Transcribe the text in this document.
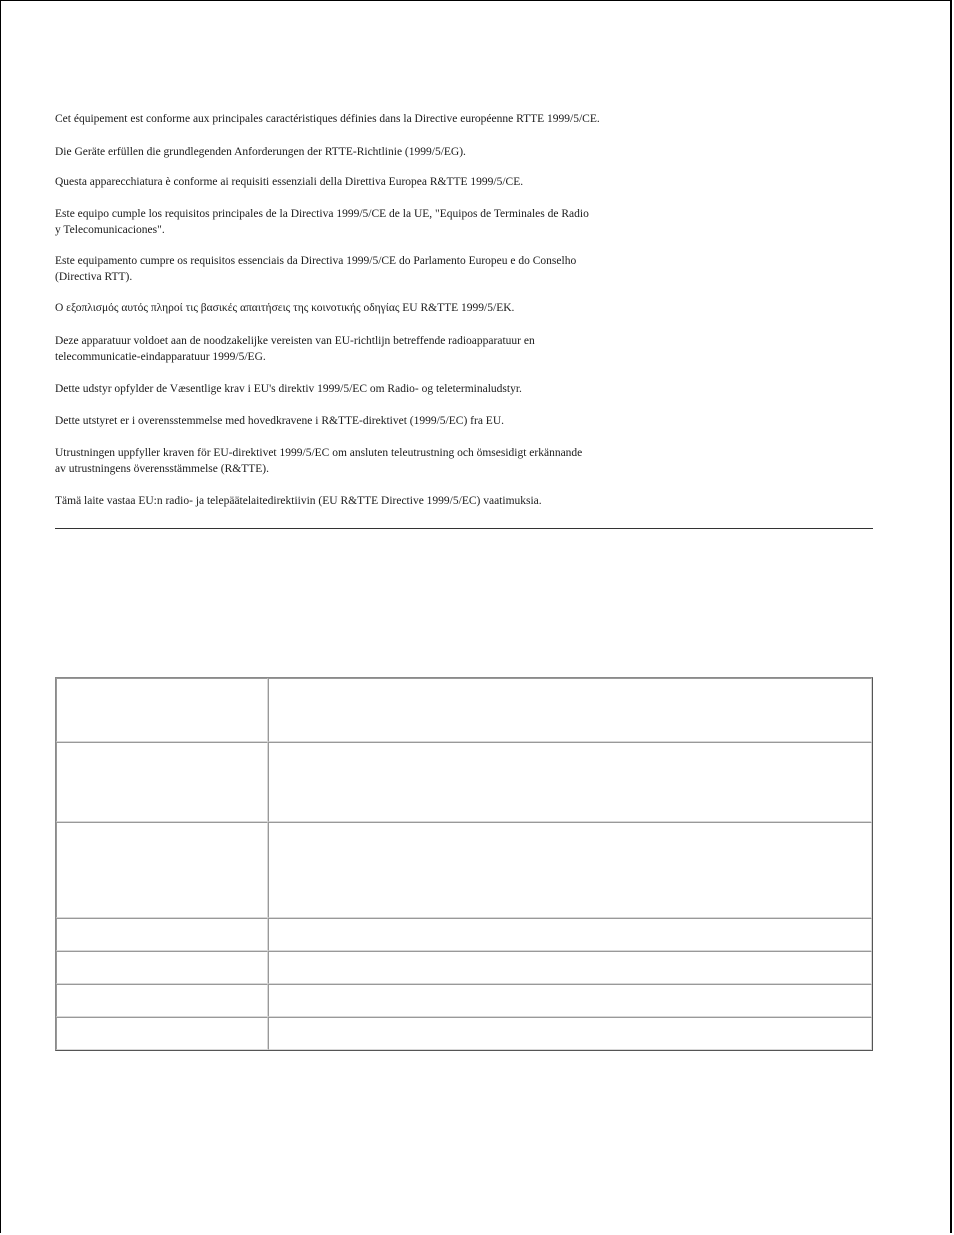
Cet équipement est conforme aux principales caractéristiques définies dans la Directive européenne RTTE 1999/5/CE.

Die Geräte erfüllen die grundlegenden Anforderungen der RTTE-Richtlinie (1999/5/EG).

Questa apparecchiatura è conforme ai requisiti essenziali della Direttiva Europea R&TTE 1999/5/CE.

Este equipo cumple los requisitos principales de la Directiva 1999/5/CE de la UE, "Equipos de Terminales de Radio
y Telecomunicaciones".

Este equipamento cumpre os requisitos essenciais da Directiva 1999/5/CE do Parlamento Europeu e do Conselho
(Directiva RTT).

Ο εξοπλισμός αυτός πληροί τις βασικές απαιτήσεις της κοινοτικής οδηγίας EU R&TTE 1999/5/EK.

Deze apparatuur voldoet aan de noodzakelijke vereisten van EU-richtlijn betreffende radioapparatuur en
telecommunicatie-eindapparatuur 1999/5/EG.

Dette udstyr opfylder de Væsentlige krav i EU's direktiv 1999/5/EC om Radio- og teleterminaludstyr.

Dette utstyret er i overensstemmelse med hovedkravene i R&TTE-direktivet (1999/5/EC) fra EU.

Utrustningen uppfyller kraven för EU-direktivet 1999/5/EC om ansluten teleutrustning och ömsesidigt erkännande
av utrustningens överensstämmelse (R&TTE).

Tämä laite vastaa EU:n radio- ja telepäätelaitedirektiivin (EU R&TTE Directive 1999/5/EC) vaatimuksia.
